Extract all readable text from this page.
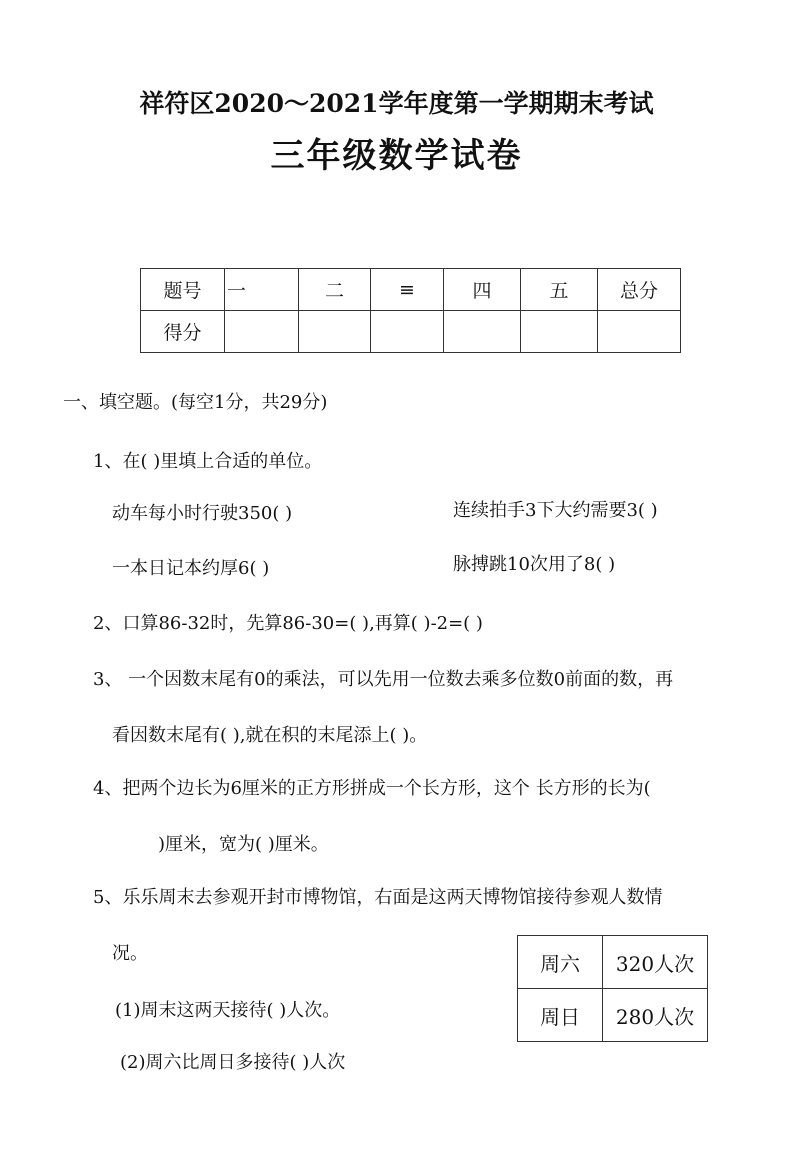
祥符区2020～2021学年度第一学期期末考试
三年级数学试卷
题号	一	二	≡	四	五	总分
得分						
一、填空题。(每空1分，共29分)
1、在( )里填上合适的单位。
动车每小时行驶350( )	连续拍手3下大约需要3( )
一本日记本约厚6( )	脉搏跳10次用了8( )
2、口算86-32时，先算86-30=( ),再算( )-2=( )
3、 一个因数末尾有0的乘法，可以先用一位数去乘多位数0前面的数，再
看因数末尾有( ),就在积的末尾添上( )。
4、把两个边长为6厘米的正方形拼成一个长方形，这个 长方形的长为(
)厘米，宽为( )厘米。
5、乐乐周末去参观开封市博物馆，右面是这两天博物馆接待参观人数情
况。
(1)周末这两天接待( )人次。
(2)周六比周日多接待( )人次
周六	320人次
周日	280人次
